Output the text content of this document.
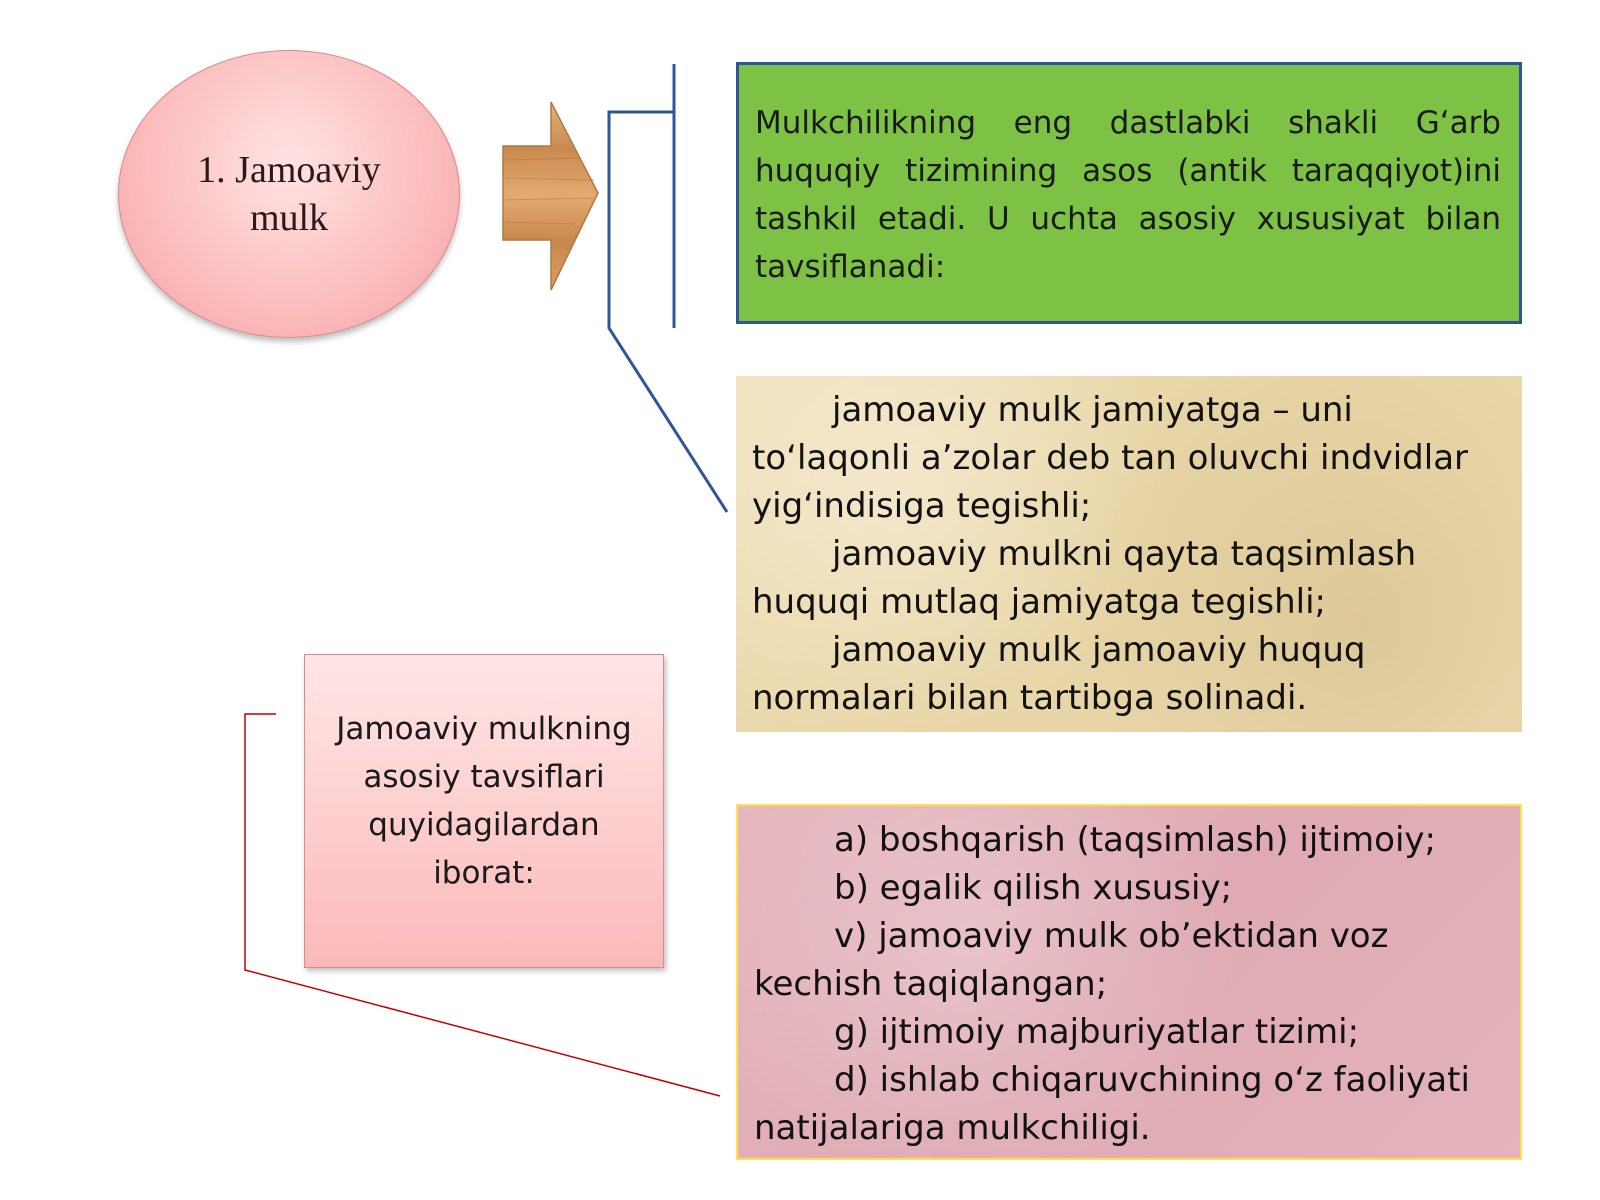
1. Jamoaviy mulk

Mulkchilikning eng dastlabki shakli G‘arb huquqiy tizimining asos (antik taraqqiyot)ini tashkil etadi. U uchta asosiy xususiyat bilan tavsiflanadi:

jamoaviy mulk jamiyatga – uni to‘laqonli a’zolar deb tan oluvchi indvidlar yig‘indisiga tegishli;

jamoaviy mulkni qayta taqsimlash huquqi mutlaq jamiyatga tegishli;

jamoaviy mulk jamoaviy huquq normalari bilan tartibga solinadi.

Jamoaviy mulkning asosiy tavsiflari quyidagilardan iborat:

a) boshqarish (taqsimlash) ijtimoiy;

b) egalik qilish xususiy;

v) jamoaviy mulk ob’ektidan voz kechish taqiqlangan;

g) ijtimoiy majburiyatlar tizimi;

d) ishlab chiqaruvchining o‘z faoliyati natijalariga mulkchiligi.
